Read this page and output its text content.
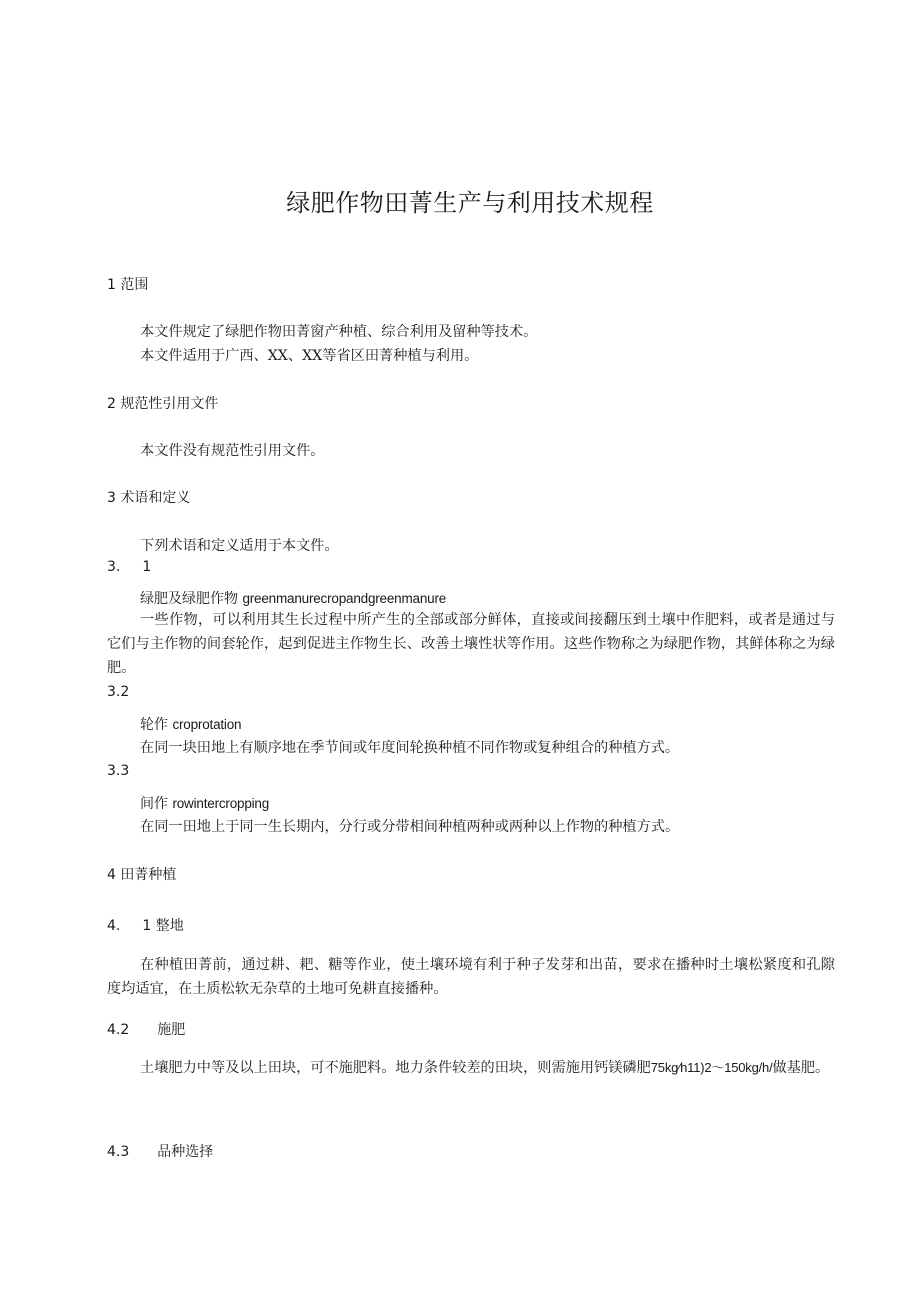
绿肥作物田菁生产与利用技术规程
1 范围
本文件规定了绿肥作物田菁窗产种植、综合利用及留种等技术。
本文件适用于广西、XX、XX等省区田菁种植与利用。
2 规范性引用文件
本文件没有规范性引用文件。
3 术语和定义
下列术语和定义适用于本文件。
3. 1
绿肥及绿肥作物 greenmanurecropandgreenmanure
一些作物，可以利用其生长过程中所产生的全部或部分鲜体，直接或间接翻压到土壤中作肥料，或者是通过与它们与主作物的间套轮作，起到促进主作物生长、改善土壤性状等作用。这些作物称之为绿肥作物，其鲜体称之为绿肥。
3.2
轮作 croprotation
在同一块田地上有顺序地在季节间或年度间轮换种植不同作物或复种组合的种植方式。
3.3
间作 rowintercropping
在同一田地上于同一生长期内，分行或分带相间种植两种或两种以上作物的种植方式。
4 田菁种植
4. 1 整地
在种植田菁前，通过耕、耙、糖等作业，使土壤环境有利于种子发芽和出苗，要求在播种时土壤松紧度和孔隙度均适宜，在土质松软无杂草的土地可免耕直接播种。
4.2 施肥
土壤肥力中等及以上田块，可不施肥料。地力条件较差的田块，则需施用钙镁磷肥75kg∕h11)2～150kg/h/做基肥。
4.3 品种选择
